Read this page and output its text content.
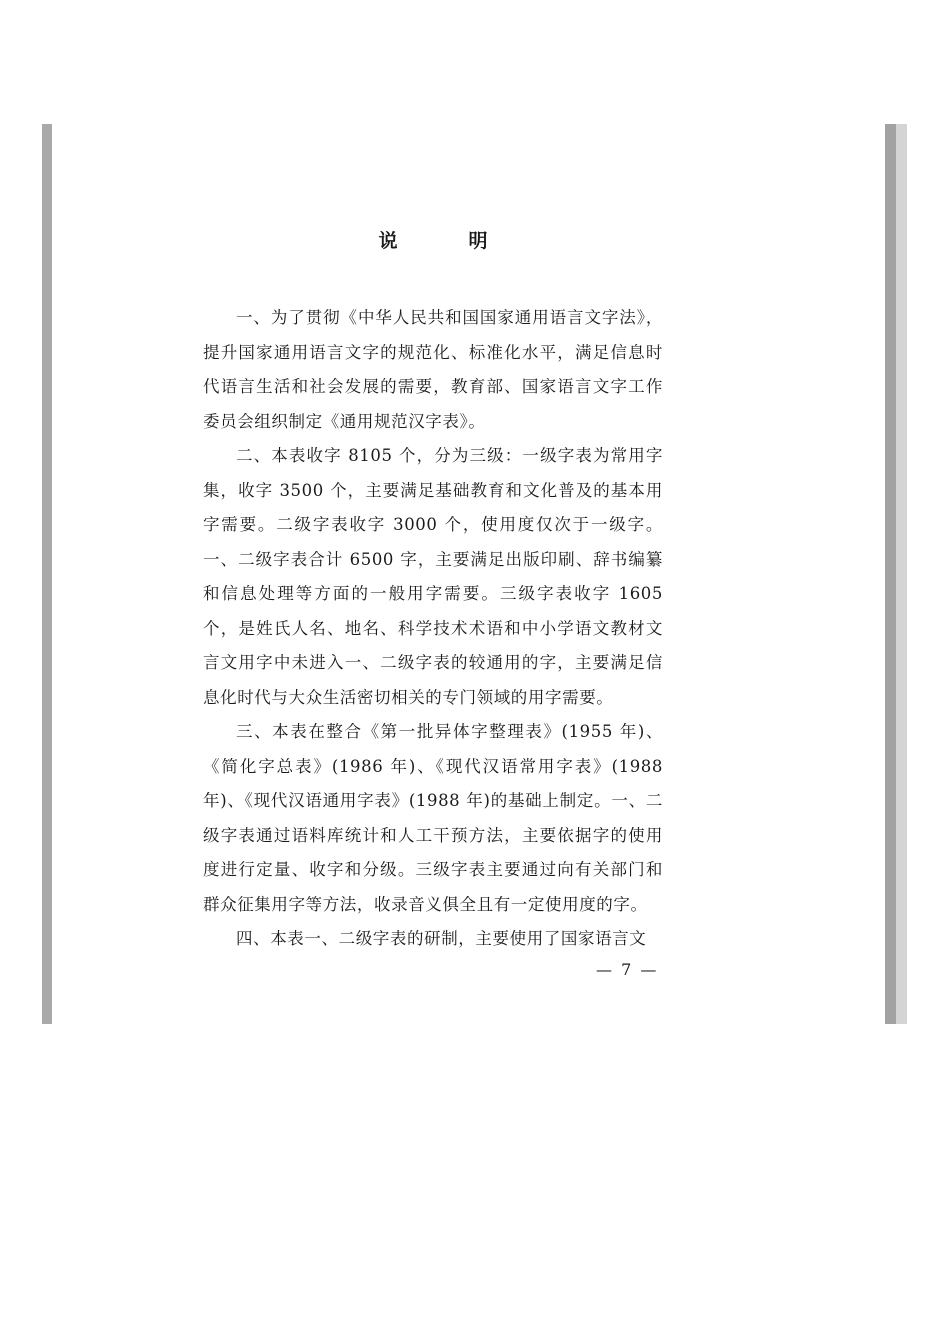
说　明

一、为了贯彻《中华人民共和国国家通用语言文字法》，提升国家通用语言文字的规范化、标准化水平，满足信息时代语言生活和社会发展的需要，教育部、国家语言文字工作委员会组织制定《通用规范汉字表》。

二、本表收字 8105 个，分为三级：一级字表为常用字集，收字 3500 个，主要满足基础教育和文化普及的基本用字需要。二级字表收字 3000 个，使用度仅次于一级字。一、二级字表合计 6500 字，主要满足出版印刷、辞书编纂和信息处理等方面的一般用字需要。三级字表收字 1605 个，是姓氏人名、地名、科学技术术语和中小学语文教材文言文用字中未进入一、二级字表的较通用的字，主要满足信息化时代与大众生活密切相关的专门领域的用字需要。

三、本表在整合《第一批异体字整理表》(1955 年)、《简化字总表》(1986 年)、《现代汉语常用字表》(1988 年)、《现代汉语通用字表》(1988 年)的基础上制定。一、二级字表通过语料库统计和人工干预方法，主要依据字的使用度进行定量、收字和分级。三级字表主要通过向有关部门和群众征集用字等方法，收录音义俱全且有一定使用度的字。

四、本表一、二级字表的研制，主要使用了国家语言文

— 7 —
